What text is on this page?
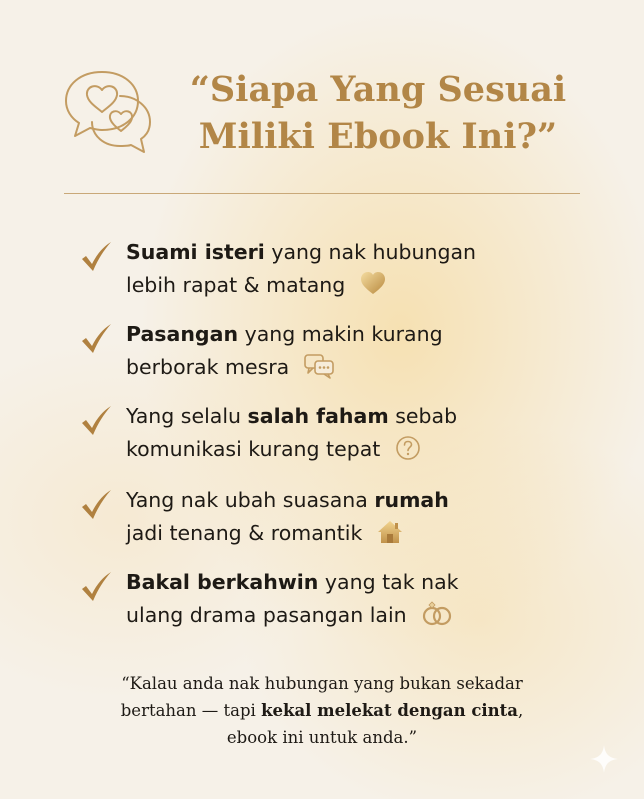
“Siapa Yang Sesuai
Miliki Ebook Ini?”
Suami isteri yang nak hubungan
lebih rapat & matang
Pasangan yang makin kurang
berborak mesra
Yang selalu salah faham sebab
komunikasi kurang tepat
Yang nak ubah suasana rumah
jadi tenang & romantik
Bakal berkahwin yang tak nak
ulang drama pasangan lain

“Kalau anda nak hubungan yang bukan sekadar
bertahan — tapi kekal melekat dengan cinta,
ebook ini untuk anda.”
